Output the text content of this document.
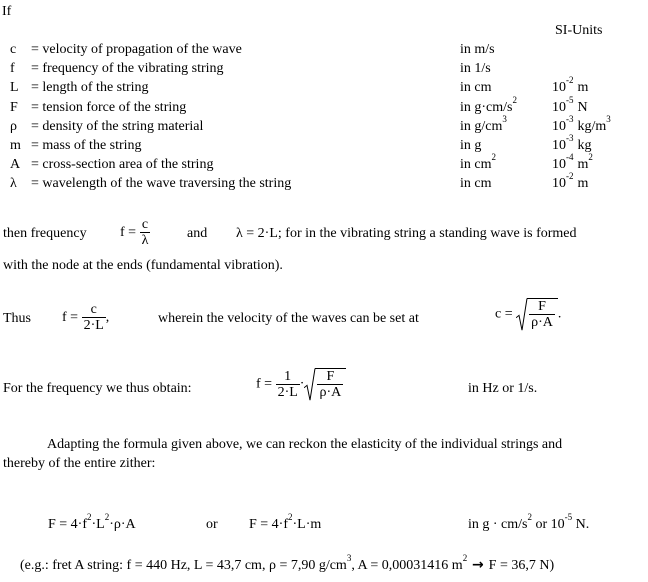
If
SI-Units
c = velocity of propagation of the wave	in m/s
f = frequency of the vibrating string	in 1/s
L = length of the string	in cm	$10^{-2}$ m
F = tension force of the string	in $g\cdot cm/s^2$	$10^{-5}$ N
ρ = density of the string material	in $g/cm^3$	$10^{-3}$ $kg/m^3$
m = mass of the string	in g	$10^{-3}$ kg
A = cross-section area of the string	in $cm^2$	$10^{-4}$ $m^2$
λ = wavelength of the wave traversing the string	in cm	$10^{-2}$ m
then frequency $f = \frac{c}{\lambda}$	and λ = 2·L; for in the vibrating string a standing wave is formed
with the node at the ends (fundamental vibration).
Thus $f = \frac{c}{2\cdot L}$ ,	wherein the velocity of the waves can be set at	$c = \frac{F}{\rho\cdot A}$ .
For the frequency we thus obtain:	$f = \frac{1}{2\cdot L} \cdot \frac{F}{\rho\cdot A}$	in Hz or 1/s.
Adapting the formula given above, we can reckon the elasticity of the individual strings and
thereby of the entire zither:
$F = 4\cdot f^2\cdot L^2\cdot\rho\cdot A$	or $F = 4\cdot f^2\cdot L\cdot m$	in $g \cdot cm/s^2$ or $10^{-5}$ N.
(e.g.: fret A string: f = 440 Hz, L = 43,7 cm, ρ = 7,90 $g/cm^3$, A = 0,00031416 $m^2 \to F = 36,7$ N)
